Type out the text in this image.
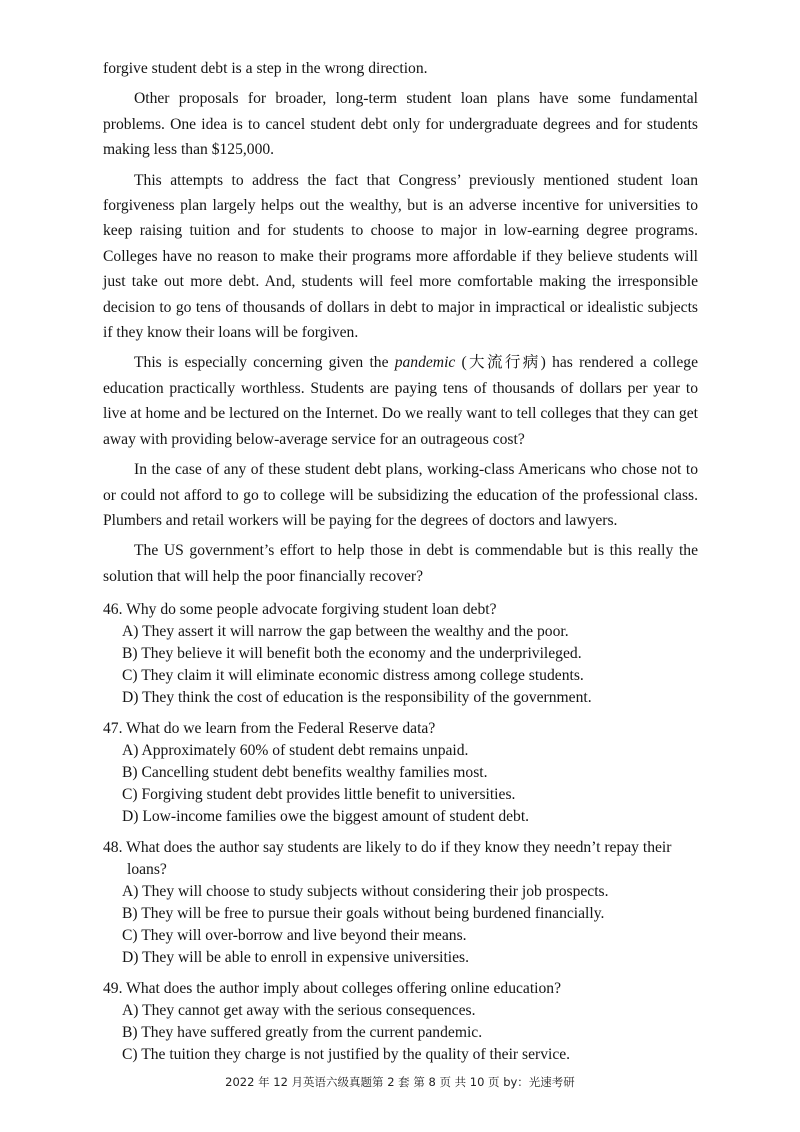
forgive student debt is a step in the wrong direction.

Other proposals for broader, long-term student loan plans have some fundamental problems. One idea is to cancel student debt only for undergraduate degrees and for students making less than $125,000.

This attempts to address the fact that Congress’ previously mentioned student loan forgiveness plan largely helps out the wealthy, but is an adverse incentive for universities to keep raising tuition and for students to choose to major in low-earning degree programs. Colleges have no reason to make their programs more affordable if they believe students will just take out more debt. And, students will feel more comfortable making the irresponsible decision to go tens of thousands of dollars in debt to major in impractical or idealistic subjects if they know their loans will be forgiven.

This is especially concerning given the pandemic (大流行病) has rendered a college education practically worthless. Students are paying tens of thousands of dollars per year to live at home and be lectured on the Internet. Do we really want to tell colleges that they can get away with providing below-average service for an outrageous cost?

In the case of any of these student debt plans, working-class Americans who chose not to or could not afford to go to college will be subsidizing the education of the professional class. Plumbers and retail workers will be paying for the degrees of doctors and lawyers.

The US government’s effort to help those in debt is commendable but is this really the solution that will help the poor financially recover?

46. Why do some people advocate forgiving student loan debt?
A) They assert it will narrow the gap between the wealthy and the poor.
B) They believe it will benefit both the economy and the underprivileged.
C) They claim it will eliminate economic distress among college students.
D) They think the cost of education is the responsibility of the government.
47. What do we learn from the Federal Reserve data?
A) Approximately 60% of student debt remains unpaid.
B) Cancelling student debt benefits wealthy families most.
C) Forgiving student debt provides little benefit to universities.
D) Low-income families owe the biggest amount of student debt.
48. What does the author say students are likely to do if they know they needn’t repay their loans?
A) They will choose to study subjects without considering their job prospects.
B) They will be free to pursue their goals without being burdened financially.
C) They will over-borrow and live beyond their means.
D) They will be able to enroll in expensive universities.
49. What does the author imply about colleges offering online education?
A) They cannot get away with the serious consequences.
B) They have suffered greatly from the current pandemic.
C) The tuition they charge is not justified by the quality of their service.
2022 年 12 月英语六级真题第 2 套 第 8 页 共 10 页 by：光速考研
